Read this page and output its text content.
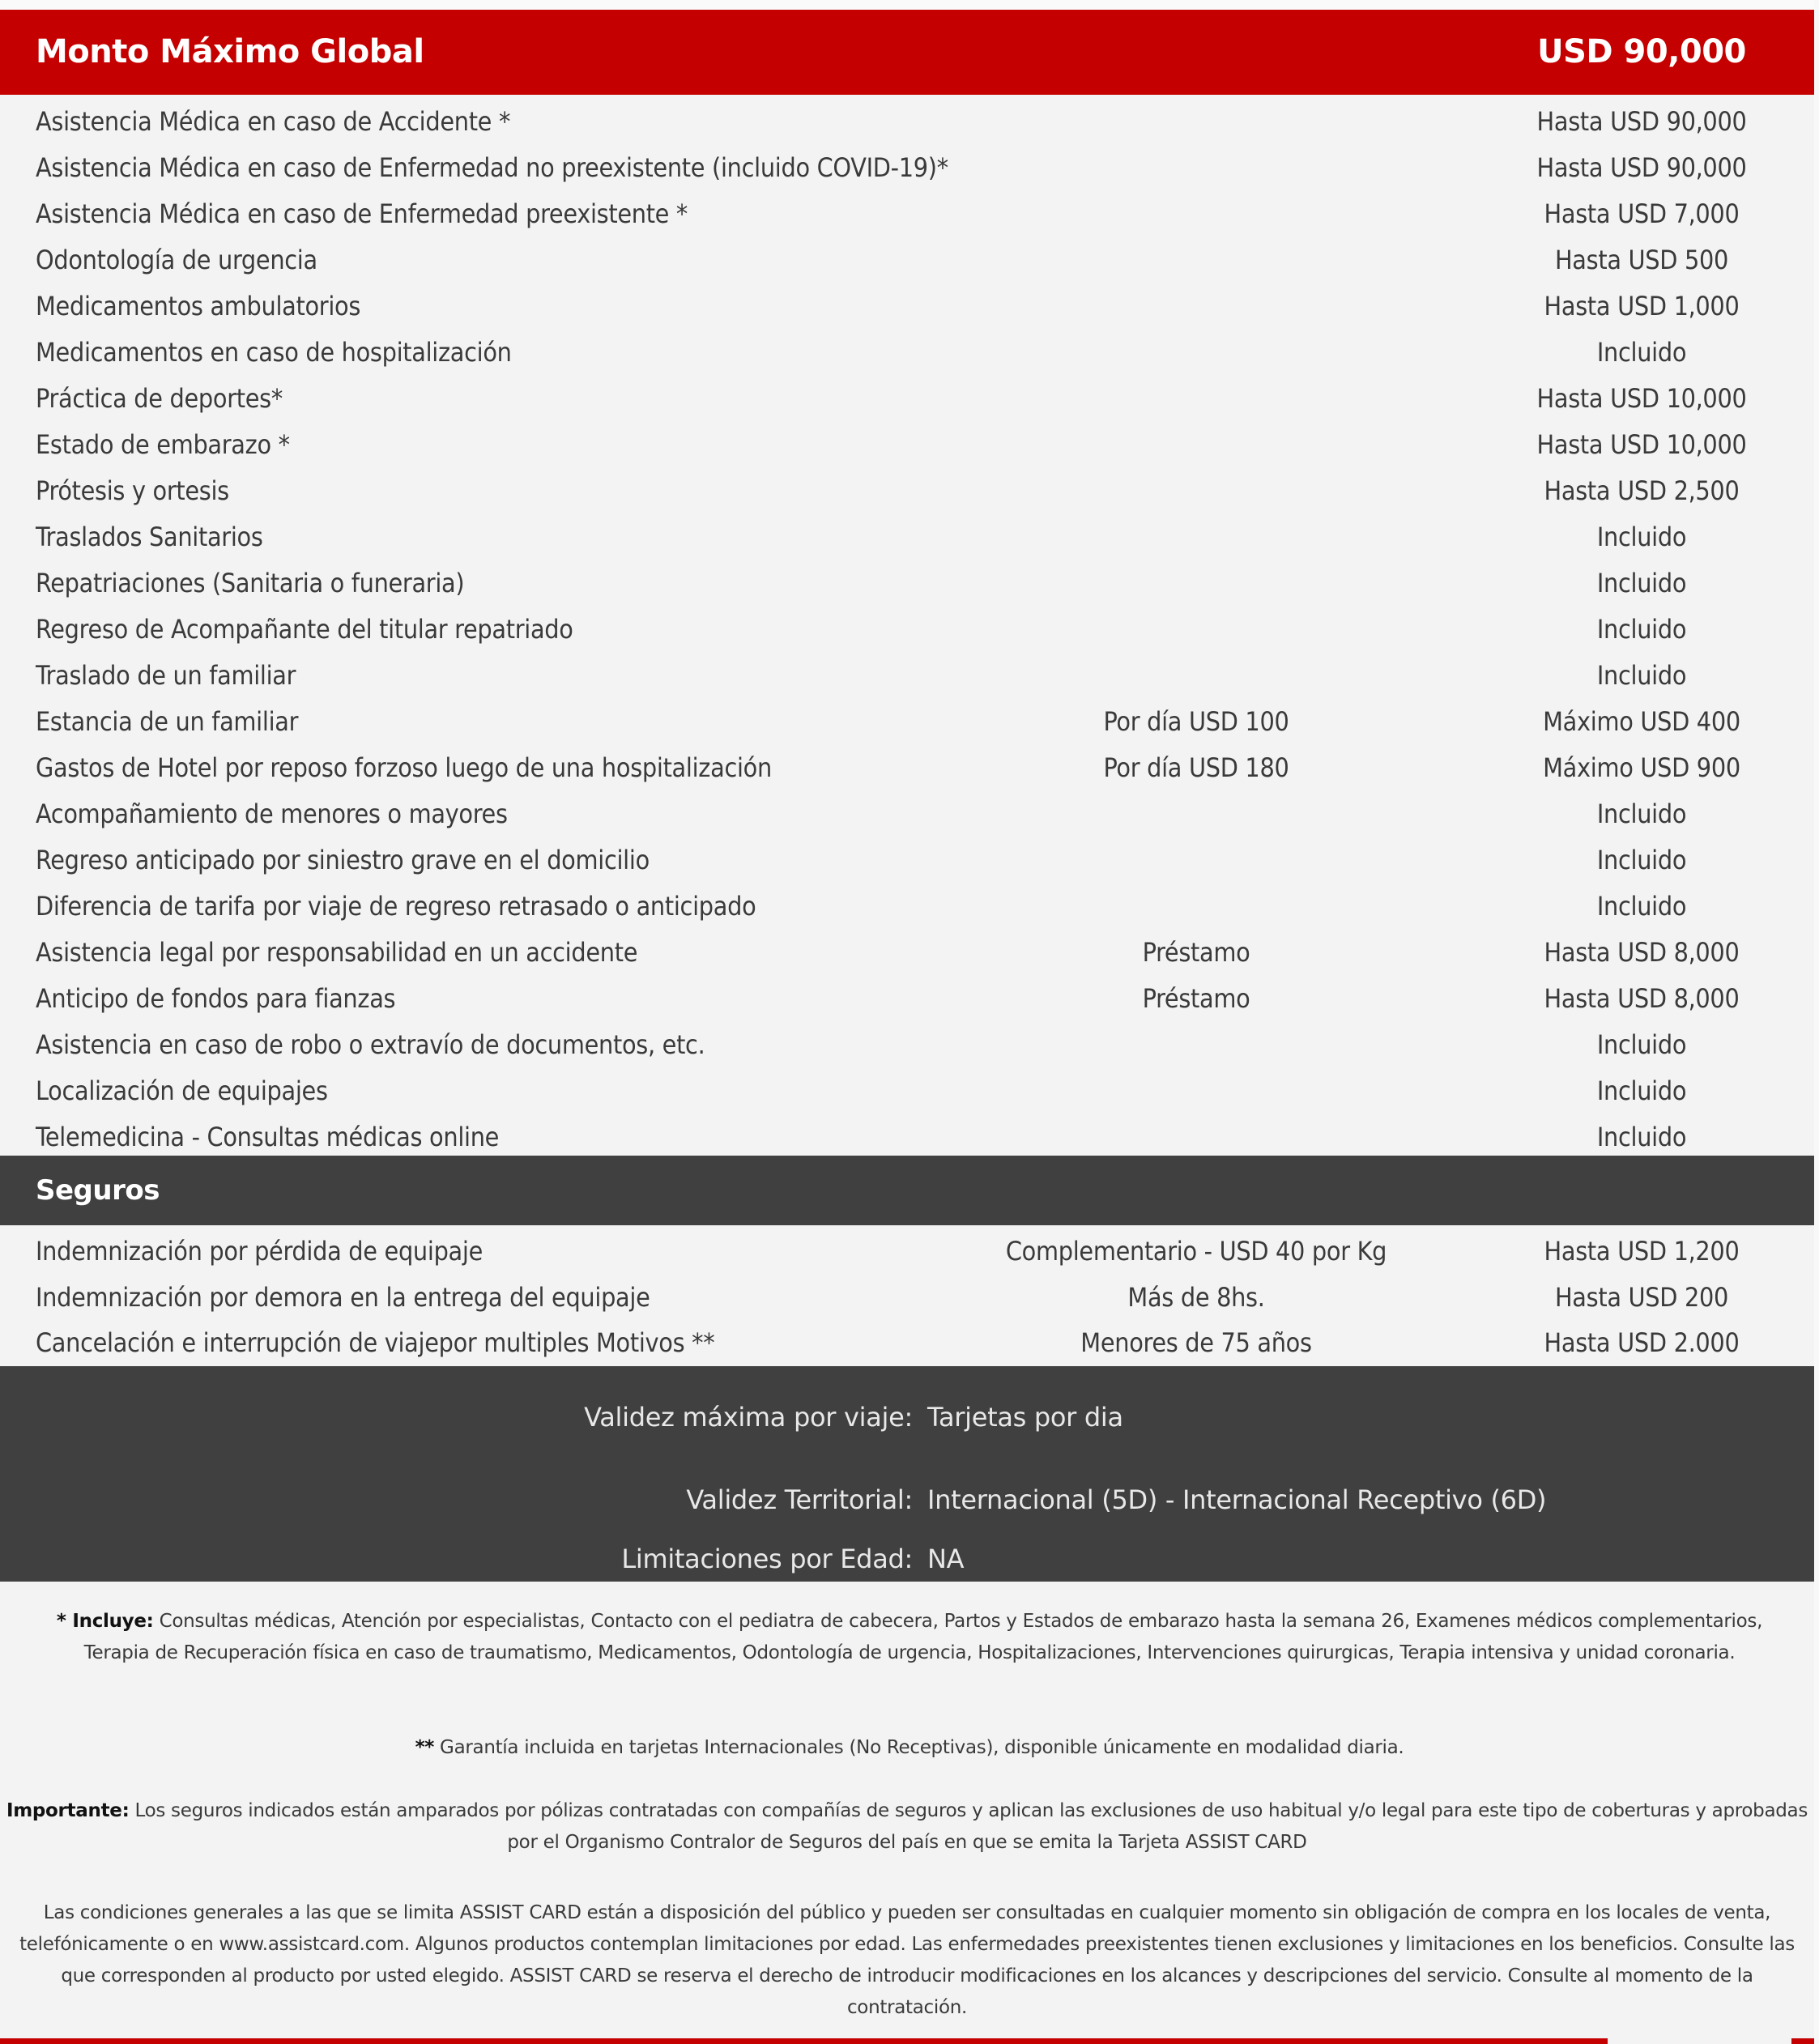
Monto Máximo Global	USD 90,000
Asistencia Médica en caso de Accidente *	Hasta USD 90,000
Asistencia Médica en caso de Enfermedad no preexistente (incluido COVID-19)*	Hasta USD 90,000
Asistencia Médica en caso de Enfermedad preexistente *	Hasta USD 7,000
Odontología de urgencia	Hasta USD 500
Medicamentos ambulatorios	Hasta USD 1,000
Medicamentos en caso de hospitalización	Incluido
Práctica de deportes*	Hasta USD 10,000
Estado de embarazo *	Hasta USD 10,000
Prótesis y ortesis	Hasta USD 2,500
Traslados Sanitarios	Incluido
Repatriaciones (Sanitaria o funeraria)	Incluido
Regreso de Acompañante del titular repatriado	Incluido
Traslado de un familiar	Incluido
Estancia de un familiar	Por día USD 100	Máximo USD 400
Gastos de Hotel por reposo forzoso luego de una hospitalización	Por día USD 180	Máximo USD 900
Acompañamiento de menores o mayores	Incluido
Regreso anticipado por siniestro grave en el domicilio	Incluido
Diferencia de tarifa por viaje de regreso retrasado o anticipado	Incluido
Asistencia legal por responsabilidad en un accidente	Préstamo	Hasta USD 8,000
Anticipo de fondos para fianzas	Préstamo	Hasta USD 8,000
Asistencia en caso de robo o extravío de documentos, etc.	Incluido
Localización de equipajes	Incluido
Telemedicina - Consultas médicas online	Incluido
Seguros
Indemnización por pérdida de equipaje	Complementario - USD 40 por Kg	Hasta USD 1,200
Indemnización por demora en la entrega del equipaje	Más de 8hs.	Hasta USD 200
Cancelación e interrupción de viajepor multiples Motivos **	Menores de 75 años	Hasta USD 2.000
Validez máxima por viaje: Tarjetas por dia
Validez Territorial: Internacional (5D) - Internacional Receptivo (6D)
Limitaciones por Edad: NA
* Incluye: Consultas médicas, Atención por especialistas, Contacto con el pediatra de cabecera, Partos y Estados de embarazo hasta la semana 26, Examenes médicos complementarios, Terapia de Recuperación física en caso de traumatismo, Medicamentos, Odontología de urgencia, Hospitalizaciones, Intervenciones quirurgicas, Terapia intensiva y unidad coronaria.
** Garantía incluida en tarjetas Internacionales (No Receptivas), disponible únicamente en modalidad diaria.
Importante: Los seguros indicados están amparados por pólizas contratadas con compañías de seguros y aplican las exclusiones de uso habitual y/o legal para este tipo de coberturas y aprobadas por el Organismo Contralor de Seguros del país en que se emita la Tarjeta ASSIST CARD
Las condiciones generales a las que se limita ASSIST CARD están a disposición del público y pueden ser consultadas en cualquier momento sin obligación de compra en los locales de venta, telefónicamente o en www.assistcard.com. Algunos productos contemplan limitaciones por edad. Las enfermedades preexistentes tienen exclusiones y limitaciones en los beneficios. Consulte las que corresponden al producto por usted elegido. ASSIST CARD se reserva el derecho de introducir modificaciones en los alcances y descripciones del servicio. Consulte al momento de la contratación.
